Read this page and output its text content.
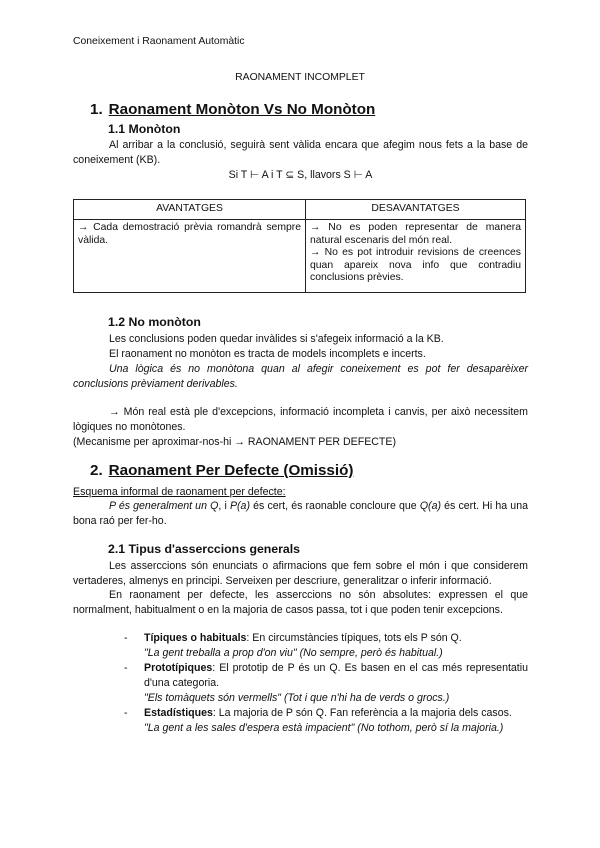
Coneixement i Raonament Automàtic
RAONAMENT INCOMPLET
1. Raonament Monòton Vs No Monòton
1.1 Monòton
Al arribar a la conclusió, seguirà sent vàlida encara que afegim nous fets a la base de coneixement (KB).
Si T ⊢ A i T ⊆ S, llavors S ⊢ A
AVANTATGES	DESAVANTATGES
→ Cada demostració prèvia romandrà sempre vàlida.	→ No es poden representar de manera natural escenaris del món real.
→ No es pot introduir revisions de creences quan apareix nova info que contradiu conclusions prèvies.
1.2 No monòton
Les conclusions poden quedar invàlides si s'afegeix informació a la KB.
El raonament no monòton es tracta de models incomplets e incerts.
Una lògica és no monòtona quan al afegir coneixement es pot fer desaparèixer conclusions prèviament derivables.
→ Món real està ple d'excepcions, informació incompleta i canvis, per això necessitem lògiques no monòtones.
(Mecanisme per aproximar-nos-hi → RAONAMENT PER DEFECTE)
2. Raonament Per Defecte (Omissió)
Esquema informal de raonament per defecte:
P és generalment un Q, i P(a) és cert, és raonable concloure que Q(a) és cert. Hi ha una bona raó per fer-ho.
2.1 Tipus d'asserccions generals
Les asserccions són enunciats o afirmacions que fem sobre el món i que considerem vertaderes, almenys en principi. Serveixen per descriure, generalitzar o inferir informació.
En raonament per defecte, les asserccions no són absolutes: expressen el que normalment, habitualment o en la majoria de casos passa, tot i que poden tenir excepcions.
- Típiques o habituals: En circumstàncies típiques, tots els P són Q.
"La gent treballa a prop d'on viu" (No sempre, però és habitual.)
- Prototípiques: El prototip de P és un Q. Es basen en el cas més representatiu d'una categoria.
"Els tomàquets són vermells" (Tot i que n'hi ha de verds o grocs.)
- Estadístiques: La majoria de P són Q. Fan referència a la majoria dels casos.
"La gent a les sales d'espera està impacient" (No tothom, però sí la majoria.)
